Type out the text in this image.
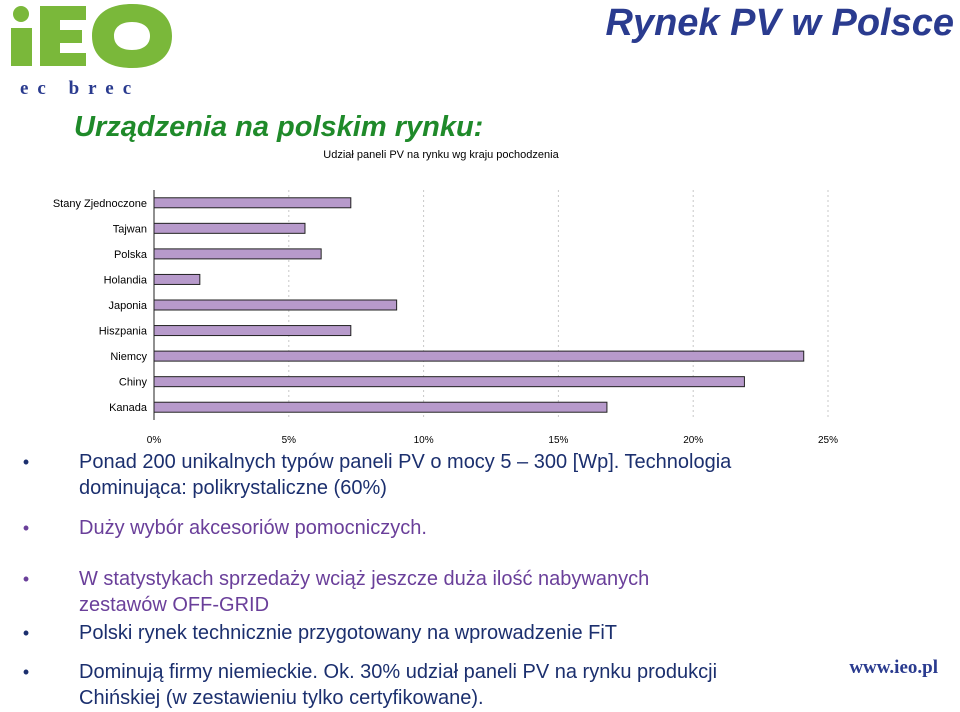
ec brec
Rynek PV w Polsce
Urządzenia na polskim rynku:
Udział paneli PV na rynku wg kraju pochodzenia
Stany Zjednoczone
Tajwan
Polska
Holandia
Japonia
Hiszpania
Niemcy
Chiny
Kanada
0%	5%	10%	15%	20%	25%
• Ponad 200 unikalnych typów paneli PV o mocy 5 – 300 [Wp]. Technologia
dominująca: polikrystaliczne (60%)
• Duży wybór akcesoriów pomocniczych.
• W statystykach sprzedaży wciąż jeszcze duża ilość nabywanych
zestawów OFF-GRID
• Polski rynek technicznie przygotowany na wprowadzenie FiT
• Dominują firmy niemieckie. Ok. 30% udział paneli PV na rynku produkcji
Chińskiej (w zestawieniu tylko certyfikowane).
www.ieo.pl
